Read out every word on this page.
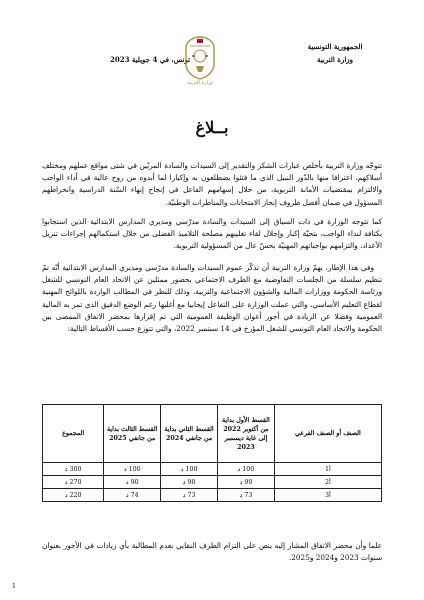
الجمهورية التونسية
وزارة التربية
تونس، في 4 جويلية 2023
وزارة التربية
بــلاغ

تتوجّه وزارة التربية بأخلص عبارات الشكر والتقدير إلى السيدات والسادة المربّين في شتى مواقع عملهم ومختلف أسلاكهم، اعترافا منها بالدّور النبيل الذي ما فتئوا يضطلعون به وإكبارا لما أبدوه من روح عالية في أداء الواجب والالتزام بمقتضيات الأمانة التربوية، من خلال إسهامهم الفاعل في إنجاح إنهاء السّنة الدراسية وانخراطهم المسؤول في ضمان أفضل ظروف إنجاز الامتحانات والمناظرات الوطنيّة.

كما تتوجه الوزارة في ذات السياق إلى السيدات والسادة مدرّسي ومديري المدارس الابتدائية الذين استجابوا بكثافة لنداء الواجب، بتحيّة إكبار وإجلال لقاء تغليبهم مصلحة التلاميذ الفضلى من خلال استكمالهم إجراءات تنزيل الأعداد، والتزامهم بواجباتهم المهنيّة بحسّ عال من المسؤولية التربوية.

وفي هذا الإطار، يهمّ وزارة التربية أن تذكّر عموم السيدات والسادة مدرّسي ومديري المدارس الابتدائية أنّه تمّ تنظيم سلسلة من الجلسات التفاوضية مع الطرف الاجتماعي بحضور ممثلين عن الاتحاد العام التونسي للشغل ورئاسة الحكومة ووزارات المالية والشؤون الاجتماعية والتربية، وذلك للنظر في المطالب الواردة باللوائح المهنية لقطاع التعليم الأساسي، والتي عملت الوزارة على التفاعل إيجابيا مع أغلبها رغم الوضع الدقيق الذي تمر به المالية العمومية وفضلا عن الزيادة في أجور أعوان الوظيفة العمومية التي تم إقرارها بمحضر الاتفاق الممضى بين الحكومة والاتحاد العام التونسي للشغل المؤرخ في 14 سبتمبر 2022، والتي تتوزع حسب الأقساط التالية:

الصنف أو الصنف الفرعي	القسط الأول بداية من أكتوبر 2022 إلى غاية ديسمبر 2023	القسط الثاني بداية من جانفي 2024	القسط الثالث بداية من جانفي 2025	المجموع
أ1	100 د	100 د	100 د	300 د
أ2	90 د	90 د	90 د	270 د
أ3	73 د	73 د	74 د	220 د

علما وأن محضر الاتفاق المشار إليه ينص على التزام الطرف النقابي بعدم المطالبة بأي زيادات في الأجور بعنوان سنوات 2023 و2024 و2025.

1
